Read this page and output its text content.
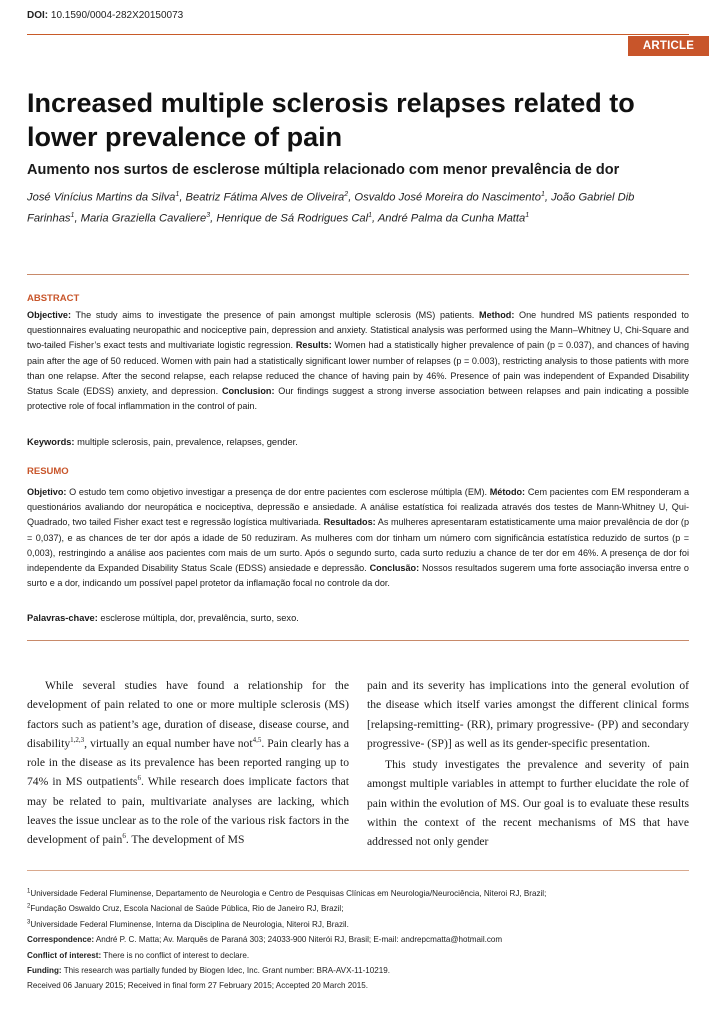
DOI: 10.1590/0004-282X20150073
ARTICLE
Increased multiple sclerosis relapses related to lower prevalence of pain
Aumento nos surtos de esclerose múltipla relacionado com menor prevalência de dor
José Vinícius Martins da Silva$^1$, Beatriz Fátima Alves de Oliveira$^2$, Osvaldo José Moreira do Nascimento$^1$, João Gabriel Dib Farinhas$^1$, Maria Graziella Cavaliere$^3$, Henrique de Sá Rodrigues Cal$^1$, André Palma da Cunha Matta$^1$
ABSTRACT
Objective: The study aims to investigate the presence of pain amongst multiple sclerosis (MS) patients. Method: One hundred MS patients responded to questionnaires evaluating neuropathic and nociceptive pain, depression and anxiety. Statistical analysis was performed using the Mann–Whitney U, Chi-Square and two-tailed Fisher’s exact tests and multivariate logistic regression. Results: Women had a statistically higher prevalence of pain (p = 0.037), and chances of having pain after the age of 50 reduced. Women with pain had a statistically significant lower number of relapses (p = 0.003), restricting analysis to those patients with more than one relapse. After the second relapse, each relapse reduced the chance of having pain by 46%. Presence of pain was independent of Expanded Disability Status Scale (EDSS) anxiety, and depression. Conclusion: Our findings suggest a strong inverse association between relapses and pain indicating a possible protective role of focal inflammation in the control of pain.
Keywords: multiple sclerosis, pain, prevalence, relapses, gender.
RESUMO
Objetivo: O estudo tem como objetivo investigar a presença de dor entre pacientes com esclerose múltipla (EM). Método: Cem pacientes com EM responderam a questionários avaliando dor neuropática e nociceptiva, depressão e ansiedade. A análise estatística foi realizada através dos testes de Mann-Whitney U, Qui-Quadrado, two tailed Fisher exact test e regressão logística multivariada. Resultados: As mulheres apresentaram estatisticamente uma maior prevalência de dor (p = 0,037), e as chances de ter dor após a idade de 50 reduziram. As mulheres com dor tinham um número com significância estatística reduzido de surtos (p = 0,003), restringindo a análise aos pacientes com mais de um surto. Após o segundo surto, cada surto reduziu a chance de ter dor em 46%. A presença de dor foi independente da Expanded Disability Status Scale (EDSS) ansiedade e depressão. Conclusão: Nossos resultados sugerem uma forte associação inversa entre o surto e a dor, indicando um possível papel protetor da inflamação focal no controle da dor.
Palavras-chave: esclerose múltipla, dor, prevalência, surto, sexo.

While several studies have found a relationship for the development of pain related to one or more multiple sclerosis (MS) factors such as patient’s age, duration of disease, disease course, and disability$^{1,2,3}$, virtually an equal number have not$^{4,5}$. Pain clearly has a role in the disease as its prevalence has been reported ranging up to 74% in MS outpatients$^6$. While research does implicate factors that may be related to pain, multivariate analyses are lacking, which leaves the issue unclear as to the role of the various risk factors in the development of pain$^6$. The development of MS

pain and its severity has implications into the general evolution of the disease which itself varies amongst the different clinical forms [relapsing-remitting- (RR), primary progressive- (PP) and secondary progressive- (SP)] as well as its gender-specific presentation.

This study investigates the prevalence and severity of pain amongst multiple variables in attempt to further elucidate the role of pain within the evolution of MS. Our goal is to evaluate these results within the context of the recent mechanisms of MS that have addressed not only gender

$^1$Universidade Federal Fluminense, Departamento de Neurologia e Centro de Pesquisas Clínicas em Neurologia/Neurociência, Niteroi RJ, Brazil;
$^2$Fundação Oswaldo Cruz, Escola Nacional de Saúde Pública, Rio de Janeiro RJ, Brazil;
$^3$Universidade Federal Fluminense, Interna da Disciplina de Neurologia, Niteroi RJ, Brazil.
Correspondence: André P. C. Matta; Av. Marquês de Paraná 303; 24033-900 Niterói RJ, Brasil; E-mail: andrepcmatta@hotmail.com
Conflict of interest: There is no conflict of interest to declare.
Funding: This research was partially funded by Biogen Idec, Inc. Grant number: BRA-AVX-11-10219.
Received 06 January 2015; Received in final form 27 February 2015; Accepted 20 March 2015.
